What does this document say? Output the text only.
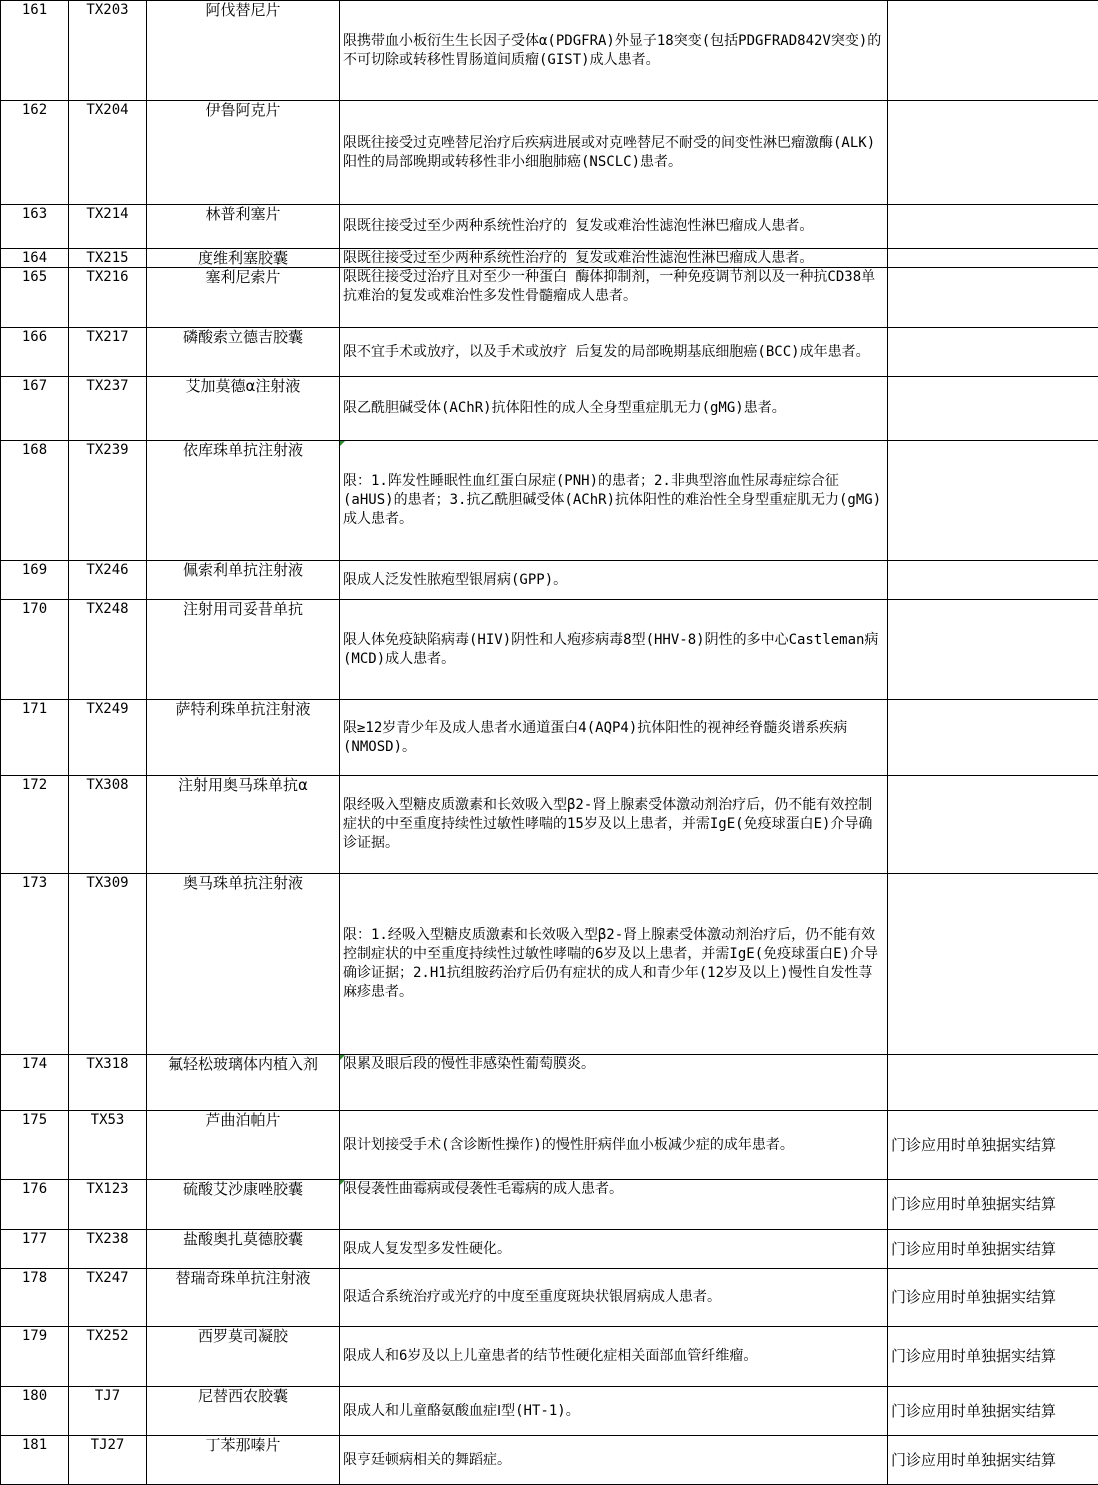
161	TX203	阿伐替尼片	限携带血小板衍生生长因子受体α(PDGFRA)外显子18突变(包括PDGFRAD842V突变)的不可切除或转移性胃肠道间质瘤(GIST)成人患者。	
162	TX204	伊鲁阿克片	限既往接受过克唑替尼治疗后疾病进展或对克唑替尼不耐受的间变性淋巴瘤激酶(ALK)阳性的局部晚期或转移性非小细胞肺癌(NSCLC)患者。	
163	TX214	林普利塞片	限既往接受过至少两种系统性治疗的 复发或难治性滤泡性淋巴瘤成人患者。	
164	TX215	度维利塞胶囊	限既往接受过至少两种系统性治疗的 复发或难治性滤泡性淋巴瘤成人患者。	
165	TX216	塞利尼索片	限既往接受过治疗且对至少一种蛋白 酶体抑制剂，一种免疫调节剂以及一种抗CD38单抗难治的复发或难治性多发性骨髓瘤成人患者。	
166	TX217	磷酸索立德吉胶囊	限不宜手术或放疗，以及手术或放疗 后复发的局部晚期基底细胞癌(BCC)成年患者。	
167	TX237	艾加莫德α注射液	限乙酰胆碱受体(AChR)抗体阳性的成人全身型重症肌无力(gMG)患者。	
168	TX239	依库珠单抗注射液	限：1.阵发性睡眠性血红蛋白尿症(PNH)的患者；2.非典型溶血性尿毒症综合征(aHUS)的患者；3.抗乙酰胆碱受体(AChR)抗体阳性的难治性全身型重症肌无力(gMG)成人患者。	
169	TX246	佩索利单抗注射液	限成人泛发性脓疱型银屑病(GPP)。	
170	TX248	注射用司妥昔单抗	限人体免疫缺陷病毒(HIV)阴性和人疱疹病毒8型(HHV-8)阴性的多中心Castleman病(MCD)成人患者。	
171	TX249	萨特利珠单抗注射液	限≥12岁青少年及成人患者水通道蛋白4(AQP4)抗体阳性的视神经脊髓炎谱系疾病(NMOSD)。	
172	TX308	注射用奥马珠单抗α	限经吸入型糖皮质激素和长效吸入型β2-肾上腺素受体激动剂治疗后，仍不能有效控制症状的中至重度持续性过敏性哮喘的15岁及以上患者，并需IgE(免疫球蛋白E)介导确诊证据。	
173	TX309	奥马珠单抗注射液	限：1.经吸入型糖皮质激素和长效吸入型β2-肾上腺素受体激动剂治疗后，仍不能有效控制症状的中至重度持续性过敏性哮喘的6岁及以上患者，并需IgE(免疫球蛋白E)介导确诊证据；2.H1抗组胺药治疗后仍有症状的成人和青少年(12岁及以上)慢性自发性荨麻疹患者。	
174	TX318	氟轻松玻璃体内植入剂	限累及眼后段的慢性非感染性葡萄膜炎。	
175	TX53	芦曲泊帕片	限计划接受手术(含诊断性操作)的慢性肝病伴血小板减少症的成年患者。	门诊应用时单独据实结算
176	TX123	硫酸艾沙康唑胶囊	限侵袭性曲霉病或侵袭性毛霉病的成人患者。	门诊应用时单独据实结算
177	TX238	盐酸奥扎莫德胶囊	限成人复发型多发性硬化。	门诊应用时单独据实结算
178	TX247	替瑞奇珠单抗注射液	限适合系统治疗或光疗的中度至重度斑块状银屑病成人患者。	门诊应用时单独据实结算
179	TX252	西罗莫司凝胶	限成人和6岁及以上儿童患者的结节性硬化症相关面部血管纤维瘤。	门诊应用时单独据实结算
180	TJ7	尼替西农胶囊	限成人和儿童酪氨酸血症Ⅰ型(HT-1)。	门诊应用时单独据实结算
181	TJ27	丁苯那嗪片	限亨廷顿病相关的舞蹈症。	门诊应用时单独据实结算
